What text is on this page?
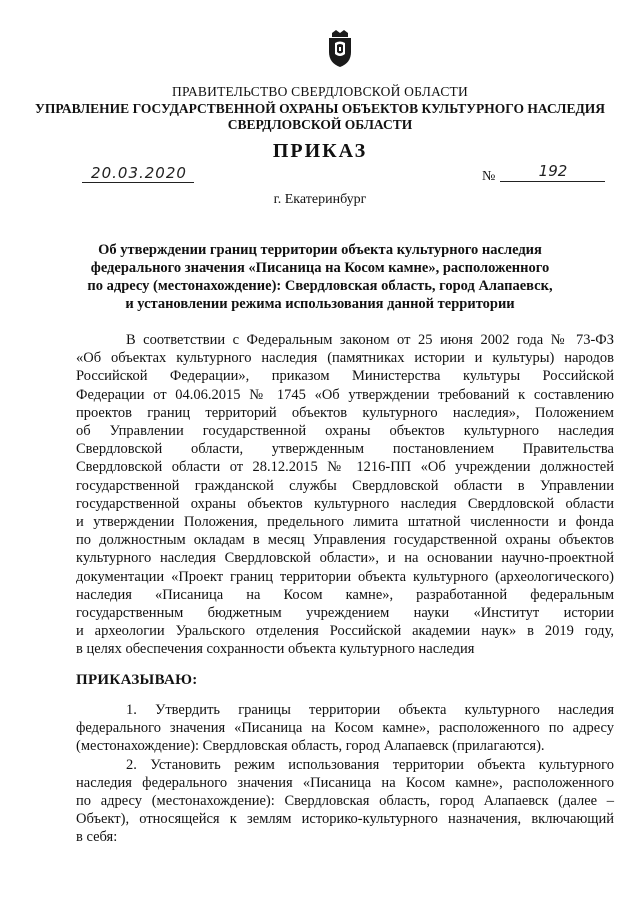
ПРАВИТЕЛЬСТВО СВЕРДЛОВСКОЙ ОБЛАСТИ
УПРАВЛЕНИЕ ГОСУДАРСТВЕННОЙ ОХРАНЫ ОБЪЕКТОВ КУЛЬТУРНОГО НАСЛЕДИЯ
СВЕРДЛОВСКОЙ ОБЛАСТИ
ПРИКАЗ
20.03.2020	№	192
г. Екатеринбург
Об утверждении границ территории объекта культурного наследия
федерального значения «Писаница на Косом камне», расположенного
по адресу (местонахождение): Свердловская область, город Алапаевск,
и установлении режима использования данной территории
В соответствии с Федеральным законом от 25 июня 2002 года № 73-ФЗ
«Об объектах культурного наследия (памятниках истории и культуры) народов
Российской Федерации», приказом Министерства культуры Российской
Федерации от 04.06.2015 № 1745 «Об утверждении требований к составлению
проектов границ территорий объектов культурного наследия», Положением
об Управлении государственной охраны объектов культурного наследия
Свердловской области, утвержденным постановлением Правительства
Свердловской области от 28.12.2015 № 1216-ПП «Об учреждении должностей
государственной гражданской службы Свердловской области в Управлении
государственной охраны объектов культурного наследия Свердловской области
и утверждении Положения, предельного лимита штатной численности и фонда
по должностным окладам в месяц Управления государственной охраны объектов
культурного наследия Свердловской области», и на основании научно-проектной
документации «Проект границ территории объекта культурного (археологического)
наследия «Писаница на Косом камне», разработанной федеральным
государственным бюджетным учреждением науки «Институт истории
и археологии Уральского отделения Российской академии наук» в 2019 году,
в целях обеспечения сохранности объекта культурного наследия
ПРИКАЗЫВАЮ:
1. Утвердить границы территории объекта культурного наследия
федерального значения «Писаница на Косом камне», расположенного по адресу
(местонахождение): Свердловская область, город Алапаевск (прилагаются).
2. Установить режим использования территории объекта культурного
наследия федерального значения «Писаница на Косом камне», расположенного
по адресу (местонахождение): Свердловская область, город Алапаевск (далее –
Объект), относящейся к землям историко-культурного назначения, включающий
в себя:
